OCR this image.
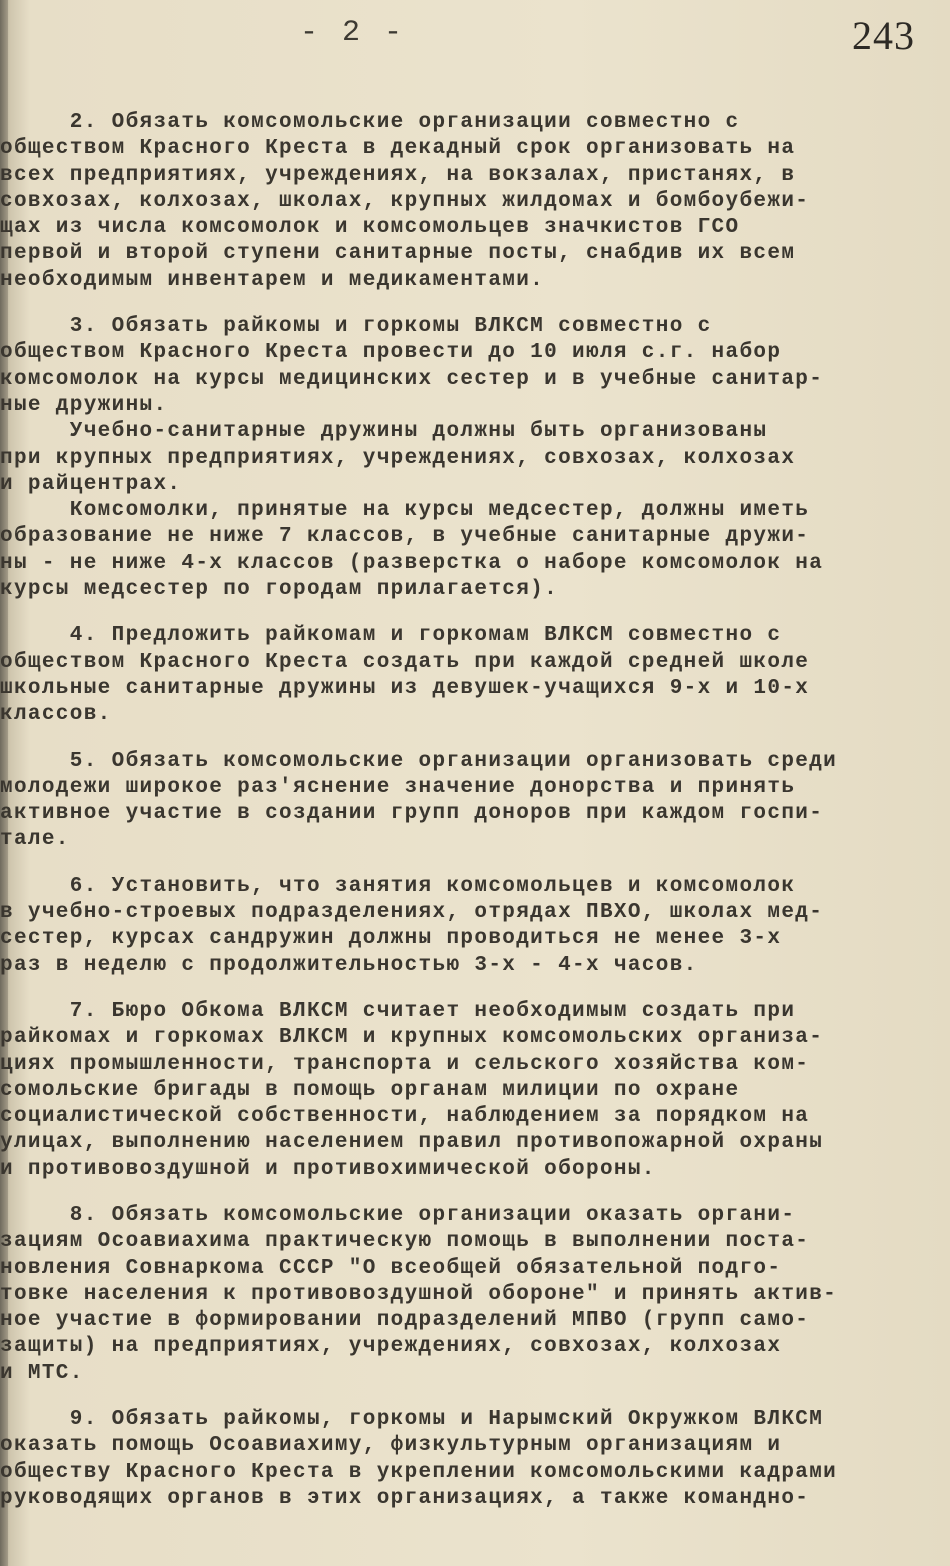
- 2 -	243
2. Обязать комсомольские организации совместно с
обществом Красного Креста в декадный срок организовать на
всех предприятиях, учреждениях, на вокзалах, пристанях, в
совхозах, колхозах, школах, крупных жилдомах и бомбоубежи-
щах из числа комсомолок и комсомольцев значкистов ГСО
первой и второй ступени санитарные посты, снабдив их всем
необходимым инвентарем и медикаментами.
3. Обязать райкомы и горкомы ВЛКСМ совместно с
обществом Красного Креста провести до 10 июля с.г. набор
комсомолок на курсы медицинских сестер и в учебные санитар-
ные дружины.
Учебно-санитарные дружины должны быть организованы
при крупных предприятиях, учреждениях, совхозах, колхозах
и райцентрах.
Комсомолки, принятые на курсы медсестер, должны иметь
образование не ниже 7 классов, в учебные санитарные дружи-
ны - не ниже 4-х классов (разверстка о наборе комсомолок на
курсы медсестер по городам прилагается).
4. Предложить райкомам и горкомам ВЛКСМ совместно с
обществом Красного Креста создать при каждой средней школе
школьные санитарные дружины из девушек-учащихся 9-х и 10-х
классов.
5. Обязать комсомольские организации организовать среди
молодежи широкое раз'яснение значение донорства и принять
активное участие в создании групп доноров при каждом госпи-
тале.
6. Установить, что занятия комсомольцев и комсомолок
в учебно-строевых подразделениях, отрядах ПВХО, школах мед-
сестер, курсах сандружин должны проводиться не менее 3-х
раз в неделю с продолжительностью 3-х - 4-х часов.
7. Бюро Обкома ВЛКСМ считает необходимым создать при
райкомах и горкомах ВЛКСМ и крупных комсомольских организа-
циях промышленности, транспорта и сельского хозяйства ком-
сомольские бригады в помощь органам милиции по охране
социалистической собственности, наблюдением за порядком на
улицах, выполнению населением правил противопожарной охраны
и противовоздушной и противохимической обороны.
8. Обязать комсомольские организации оказать органи-
зациям Осоавиахима практическую помощь в выполнении поста-
новления Совнаркома СССР "О всеобщей обязательной подго-
товке населения к противовоздушной обороне" и принять актив-
ное участие в формировании подразделений МПВО (групп само-
защиты) на предприятиях, учреждениях, совхозах, колхозах
и МТС.
9. Обязать райкомы, горкомы и Нарымский Окружком ВЛКСМ
оказать помощь Осоавиахиму, физкультурным организациям и
обществу Красного Креста в укреплении комсомольскими кадрами
руководящих органов в этих организациях, а также командно-
